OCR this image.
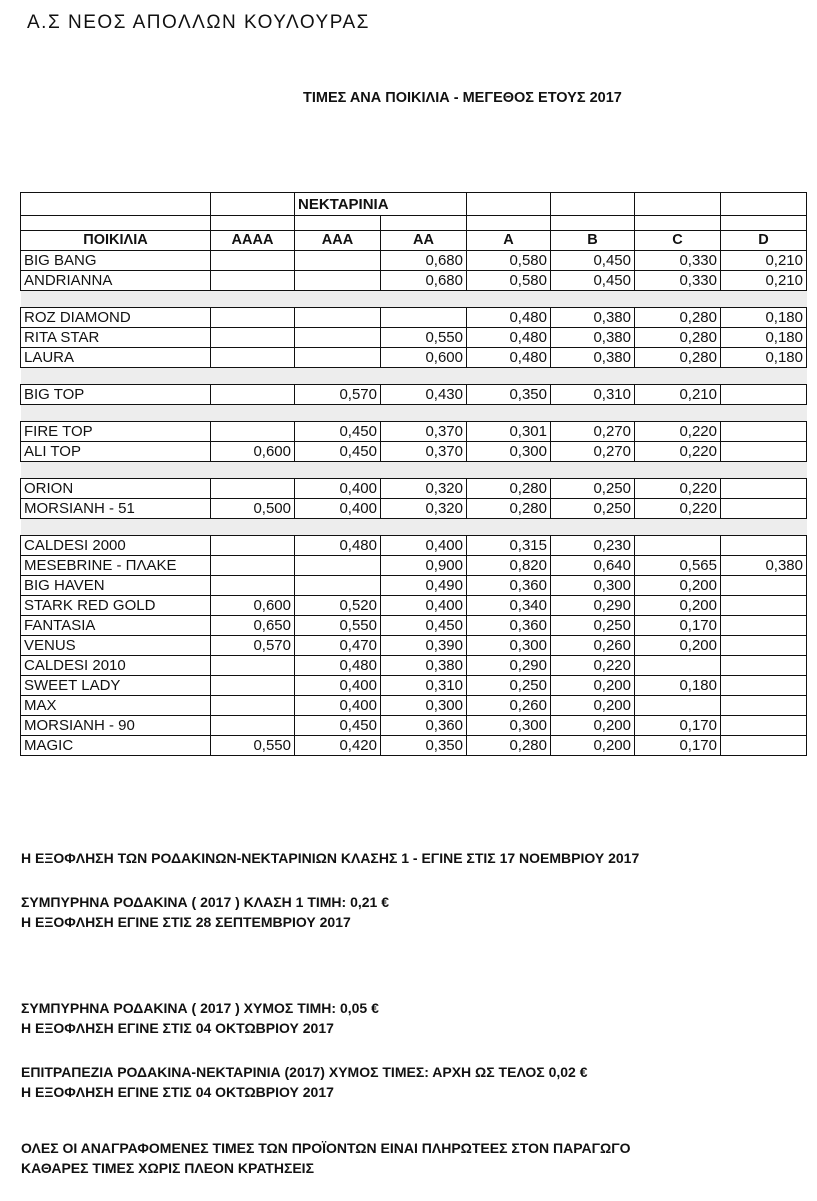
Α.Σ ΝΕΟΣ ΑΠΟΛΛΩΝ ΚΟΥΛΟΥΡΑΣ
ΤΙΜΕΣ ΑΝΑ ΠΟΙΚΙΛΙΑ - ΜΕΓΕΘΟΣ ΕΤΟΥΣ 2017
		ΝΕΚΤΑΡΙΝΙΑ					

ΠΟΙΚΙΛΙΑ	ΑΑΑΑ	ΑΑΑ	ΑΑ	Α	Β	C	D
BIG BANG			0,680	0,580	0,450	0,330	0,210
ANDRIANNA			0,680	0,580	0,450	0,330	0,210

ROZ DIAMOND				0,480	0,380	0,280	0,180
RITA STAR			0,550	0,480	0,380	0,280	0,180
LAURA			0,600	0,480	0,380	0,280	0,180

BIG TOP		0,570	0,430	0,350	0,310	0,210	

FIRE TOP		0,450	0,370	0,301	0,270	0,220	
ALI TOP	0,600	0,450	0,370	0,300	0,270	0,220	

ORION		0,400	0,320	0,280	0,250	0,220	
MORSIANH - 51	0,500	0,400	0,320	0,280	0,250	0,220	

CALDESI 2000		0,480	0,400	0,315	0,230		
MESEBRINE - ΠΛΑΚΕ			0,900	0,820	0,640	0,565	0,380
BIG HAVEN			0,490	0,360	0,300	0,200	
STARK RED GOLD	0,600	0,520	0,400	0,340	0,290	0,200	
FANTASIA	0,650	0,550	0,450	0,360	0,250	0,170	
VENUS	0,570	0,470	0,390	0,300	0,260	0,200	
CALDESI 2010		0,480	0,380	0,290	0,220		
SWEET LADY		0,400	0,310	0,250	0,200	0,180	
MAX		0,400	0,300	0,260	0,200		
MORSIANH - 90		0,450	0,360	0,300	0,200	0,170	
MAGIC	0,550	0,420	0,350	0,280	0,200	0,170	
Η ΕΞΟΦΛΗΣΗ ΤΩΝ ΡΟΔΑΚΙΝΩΝ-ΝΕΚΤΑΡΙΝΙΩΝ ΚΛΑΣΗΣ 1 - ΕΓΙΝΕ ΣΤΙΣ 17 ΝΟΕΜΒΡΙΟΥ 2017
ΣΥΜΠΥΡΗΝΑ ΡΟΔΑΚΙΝΑ ( 2017 ) ΚΛΑΣΗ 1 ΤΙΜΗ: 0,21 €
Η ΕΞΟΦΛΗΣΗ ΕΓΙΝΕ ΣΤΙΣ 28 ΣΕΠΤΕΜΒΡΙΟΥ 2017
ΣΥΜΠΥΡΗΝΑ ΡΟΔΑΚΙΝΑ ( 2017 ) ΧΥΜΟΣ ΤΙΜΗ: 0,05 €
Η ΕΞΟΦΛΗΣΗ ΕΓΙΝΕ ΣΤΙΣ 04 ΟΚΤΩΒΡΙΟΥ 2017
ΕΠΙΤΡΑΠΕΖΙΑ ΡΟΔΑΚΙΝΑ-ΝΕΚΤΑΡΙΝΙΑ (2017) ΧΥΜΟΣ ΤΙΜΕΣ: ΑΡΧΗ ΩΣ ΤΕΛΟΣ 0,02 €
Η ΕΞΟΦΛΗΣΗ ΕΓΙΝΕ ΣΤΙΣ 04 ΟΚΤΩΒΡΙΟΥ 2017
ΟΛΕΣ ΟΙ ΑΝΑΓΡΑΦΟΜΕΝΕΣ ΤΙΜΕΣ ΤΩΝ ΠΡΟΪΟΝΤΩΝ ΕΙΝΑΙ ΠΛΗΡΩΤΕΕΣ ΣΤΟΝ ΠΑΡΑΓΩΓΟ
ΚΑΘΑΡΕΣ ΤΙΜΕΣ ΧΩΡΙΣ ΠΛΕΟΝ ΚΡΑΤΗΣΕΙΣ
